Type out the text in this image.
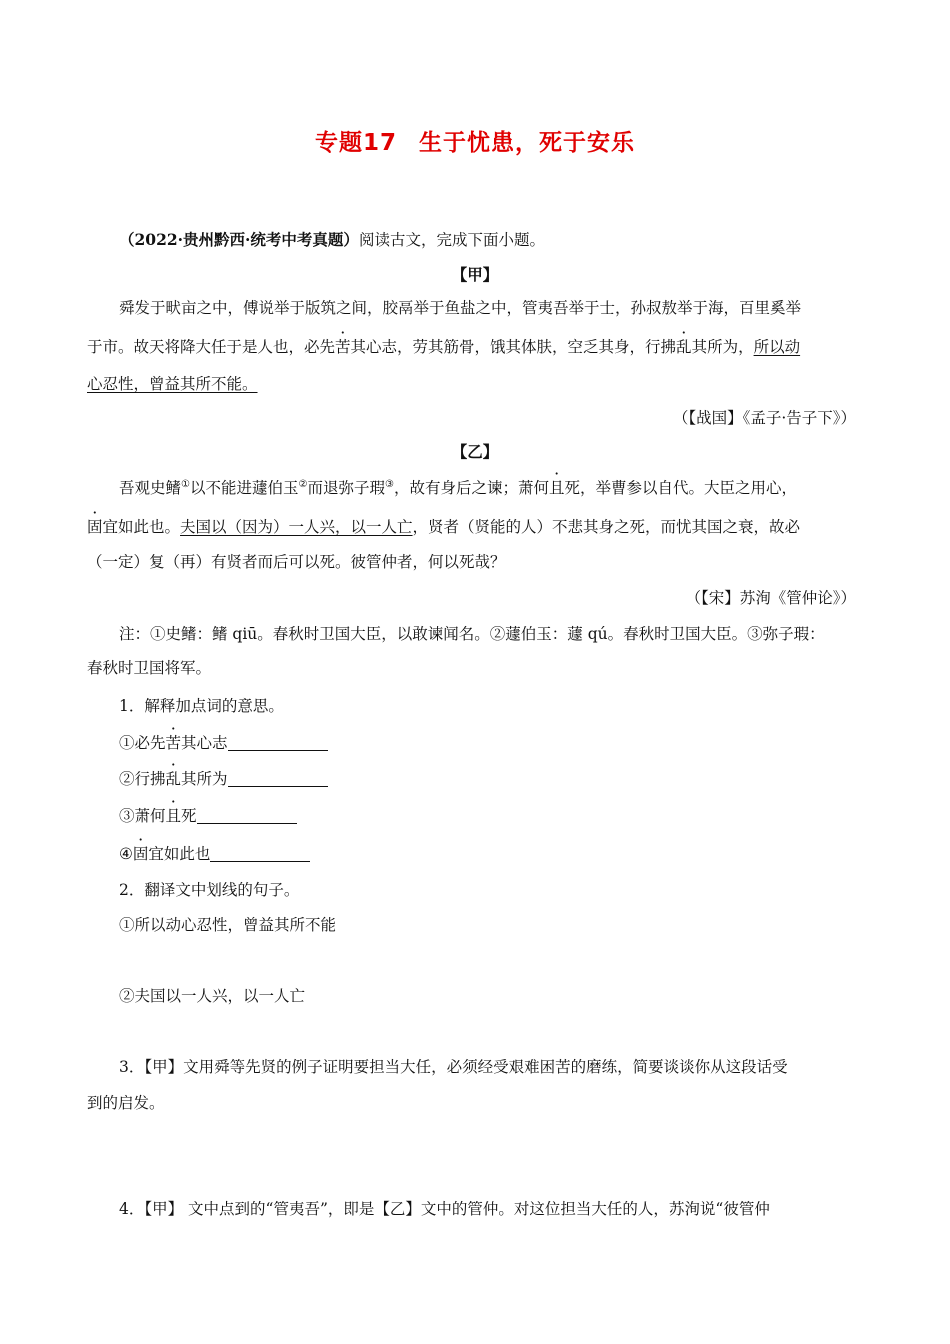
专题17 生于忧患，死于安乐
（2022·贵州黔西·统考中考真题）阅读古文，完成下面小题。
【甲】
舜发于畎亩之中，傅说举于版筑之间，胶鬲举于鱼盐之中，管夷吾举于士，孙叔敖举于海，百里奚举
于市。故天将降大任于是人也，必先苦其心志，劳其筋骨，饿其体肤，空乏其身，行拂乱其所为，所以动
心忍性，曾益其所不能。
（【战国】《孟子·告子下》）
【乙】
吾观史鳍①以不能进蘧伯玉②而退弥子瑕③，故有身后之谏；萧何且死，举曹参以自代。大臣之用心，
固宜如此也。夫国以（因为）一人兴，以一人亡，贤者（贤能的人）不悲其身之死，而忧其国之衰，故必
（一定）复（再）有贤者而后可以死。彼管仲者，何以死哉？
（【宋】苏洵《管仲论》）
注：①史鳍：鳍 qiū。春秋时卫国大臣，以敢谏闻名。②蘧伯玉：蘧 qú。春秋时卫国大臣。③弥子瑕：
春秋时卫国将军。
1．解释加点词的意思。
①必先苦其心志
②行拂乱其所为
③萧何且死
④固宜如此也
2．翻译文中划线的句子。
①所以动心忍性，曾益其所不能
②夫国以一人兴，以一人亡
3．【甲】文用舜等先贤的例子证明要担当大任，必须经受艰难困苦的磨练，简要谈谈你从这段话受
到的启发。
4．【甲】 文中点到的“管夷吾”，即是【乙】文中的管仲。对这位担当大任的人，苏洵说“彼管仲
